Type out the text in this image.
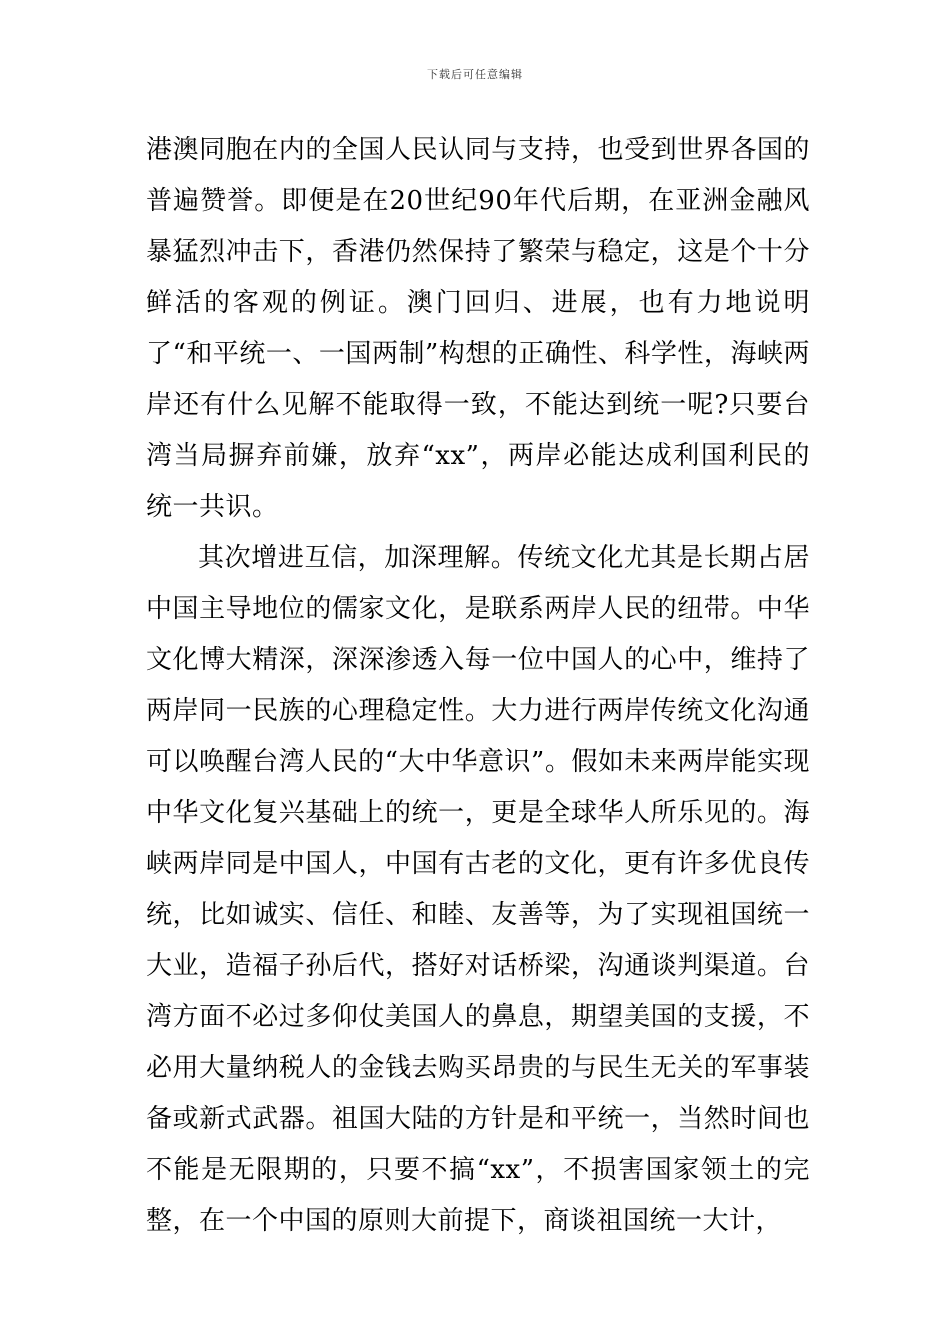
下载后可任意编辑

港澳同胞在内的全国人民认同与支持，也受到世界各国的普遍赞誉。即便是在20世纪90年代后期，在亚洲金融风暴猛烈冲击下，香港仍然保持了繁荣与稳定，这是个十分鲜活的客观的例证。澳门回归、进展，也有力地说明了“和平统一、一国两制”构想的正确性、科学性，海峡两岸还有什么见解不能取得一致，不能达到统一呢?只要台湾当局摒弃前嫌，放弃“xx”，两岸必能达成利国利民的统一共识。

其次增进互信，加深理解。传统文化尤其是长期占居中国主导地位的儒家文化，是联系两岸人民的纽带。中华文化博大精深，深深渗透入每一位中国人的心中，维持了两岸同一民族的心理稳定性。大力进行两岸传统文化沟通可以唤醒台湾人民的“大中华意识”。假如未来两岸能实现中华文化复兴基础上的统一，更是全球华人所乐见的。海峡两岸同是中国人，中国有古老的文化，更有许多优良传统，比如诚实、信任、和睦、友善等，为了实现祖国统一大业，造福子孙后代，搭好对话桥梁，沟通谈判渠道。台湾方面不必过多仰仗美国人的鼻息，期望美国的支援，不必用大量纳税人的金钱去购买昂贵的与民生无关的军事装备或新式武器。祖国大陆的方针是和平统一，当然时间也不能是无限期的，只要不搞“xx”，不损害国家领土的完整，在一个中国的原则大前提下，商谈祖国统一大计，
